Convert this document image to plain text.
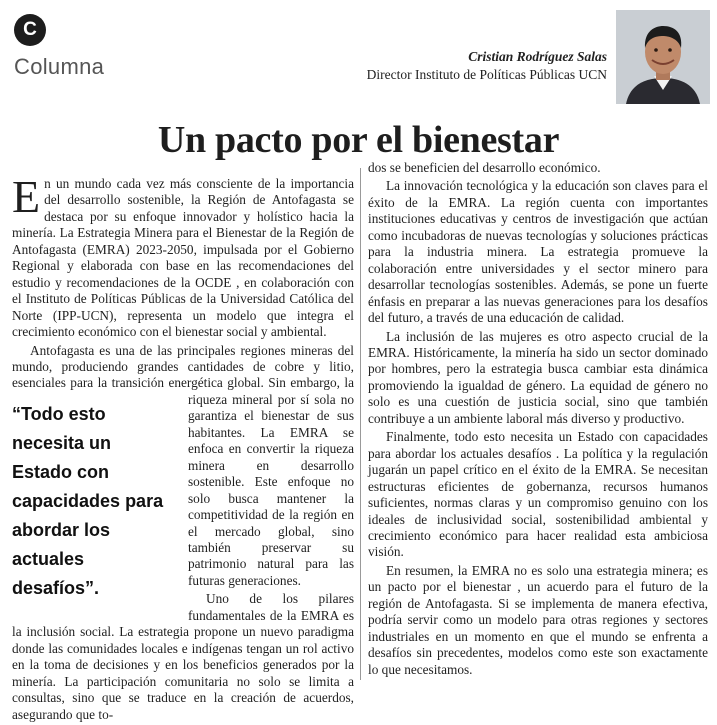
C
Columna	Cristian Rodríguez Salas
Director Instituto de Políticas Públicas UCN
Un pacto por el bienestar

En un mundo cada vez más consciente de la importancia del desarrollo sostenible, la Región de Antofagasta se destaca por su enfoque innovador y holístico hacia la minería. La Estrategia Minera para el Bienestar de la Región de Antofagasta (EMRA) 2023-2050, impulsada por el Gobierno Regional y elaborada con base en las recomendaciones del estudio y recomendaciones de la OCDE , en colaboración con el Instituto de Políticas Públicas de la Universidad Católica del Norte (IPP-UCN), representa un modelo que integra el crecimiento económico con el bienestar social y ambiental.

Antofagasta es una de las principales regiones mineras del mundo, produciendo grandes cantidades de cobre y litio, esenciales para la transición energética global. Sin embargo,
“Todo esto necesita un Estado con capacidades para abordar los actuales desafíos”.
la riqueza mineral por sí sola no garantiza el bienestar de sus habitantes. La EMRA se enfoca en convertir la riqueza minera en desarrollo sostenible. Este enfoque no solo busca mantener la competitividad de la región en el mercado global, sino también preservar su patrimonio natural para las futuras generaciones.

Uno de los pilares fundamentales de la EMRA es la inclusión social. La estrategia propone un nuevo paradigma donde las comunidades locales e indígenas tengan un rol activo en la toma de decisiones y en los beneficios generados por la minería. La participación comunitaria no solo se limita a consultas, sino que se traduce en la creación de acuerdos, asegurando que to-

dos se beneficien del desarrollo económico.

La innovación tecnológica y la educación son claves para el éxito de la EMRA. La región cuenta con importantes instituciones educativas y centros de investigación que actúan como incubadoras de nuevas tecnologías y soluciones prácticas para la industria minera. La estrategia promueve la colaboración entre universidades y el sector minero para desarrollar tecnologías sostenibles. Además, se pone un fuerte énfasis en preparar a las nuevas generaciones para los desafíos del futuro, a través de una educación de calidad.

La inclusión de las mujeres es otro aspecto crucial de la EMRA. Históricamente, la minería ha sido un sector dominado por hombres, pero la estrategia busca cambiar esta dinámica promoviendo la igualdad de género. La equidad de género no solo es una cuestión de justicia social, sino que también contribuye a un ambiente laboral más diverso y productivo.

Finalmente, todo esto necesita un Estado con capacidades para abordar los actuales desafíos . La política y la regulación jugarán un papel crítico en el éxito de la EMRA. Se necesitan estructuras eficientes de gobernanza, recursos humanos suficientes, normas claras y un compromiso genuino con los ideales de inclusividad social, sostenibilidad ambiental y crecimiento económico para hacer realidad esta ambiciosa visión.

En resumen, la EMRA no es solo una estrategia minera; es un pacto por el bienestar , un acuerdo para el futuro de la región de Antofagasta. Si se implementa de manera efectiva, podría servir como un modelo para otras regiones y sectores industriales en un momento en que el mundo se enfrenta a desafíos sin precedentes, modelos como este son exactamente lo que necesitamos.
